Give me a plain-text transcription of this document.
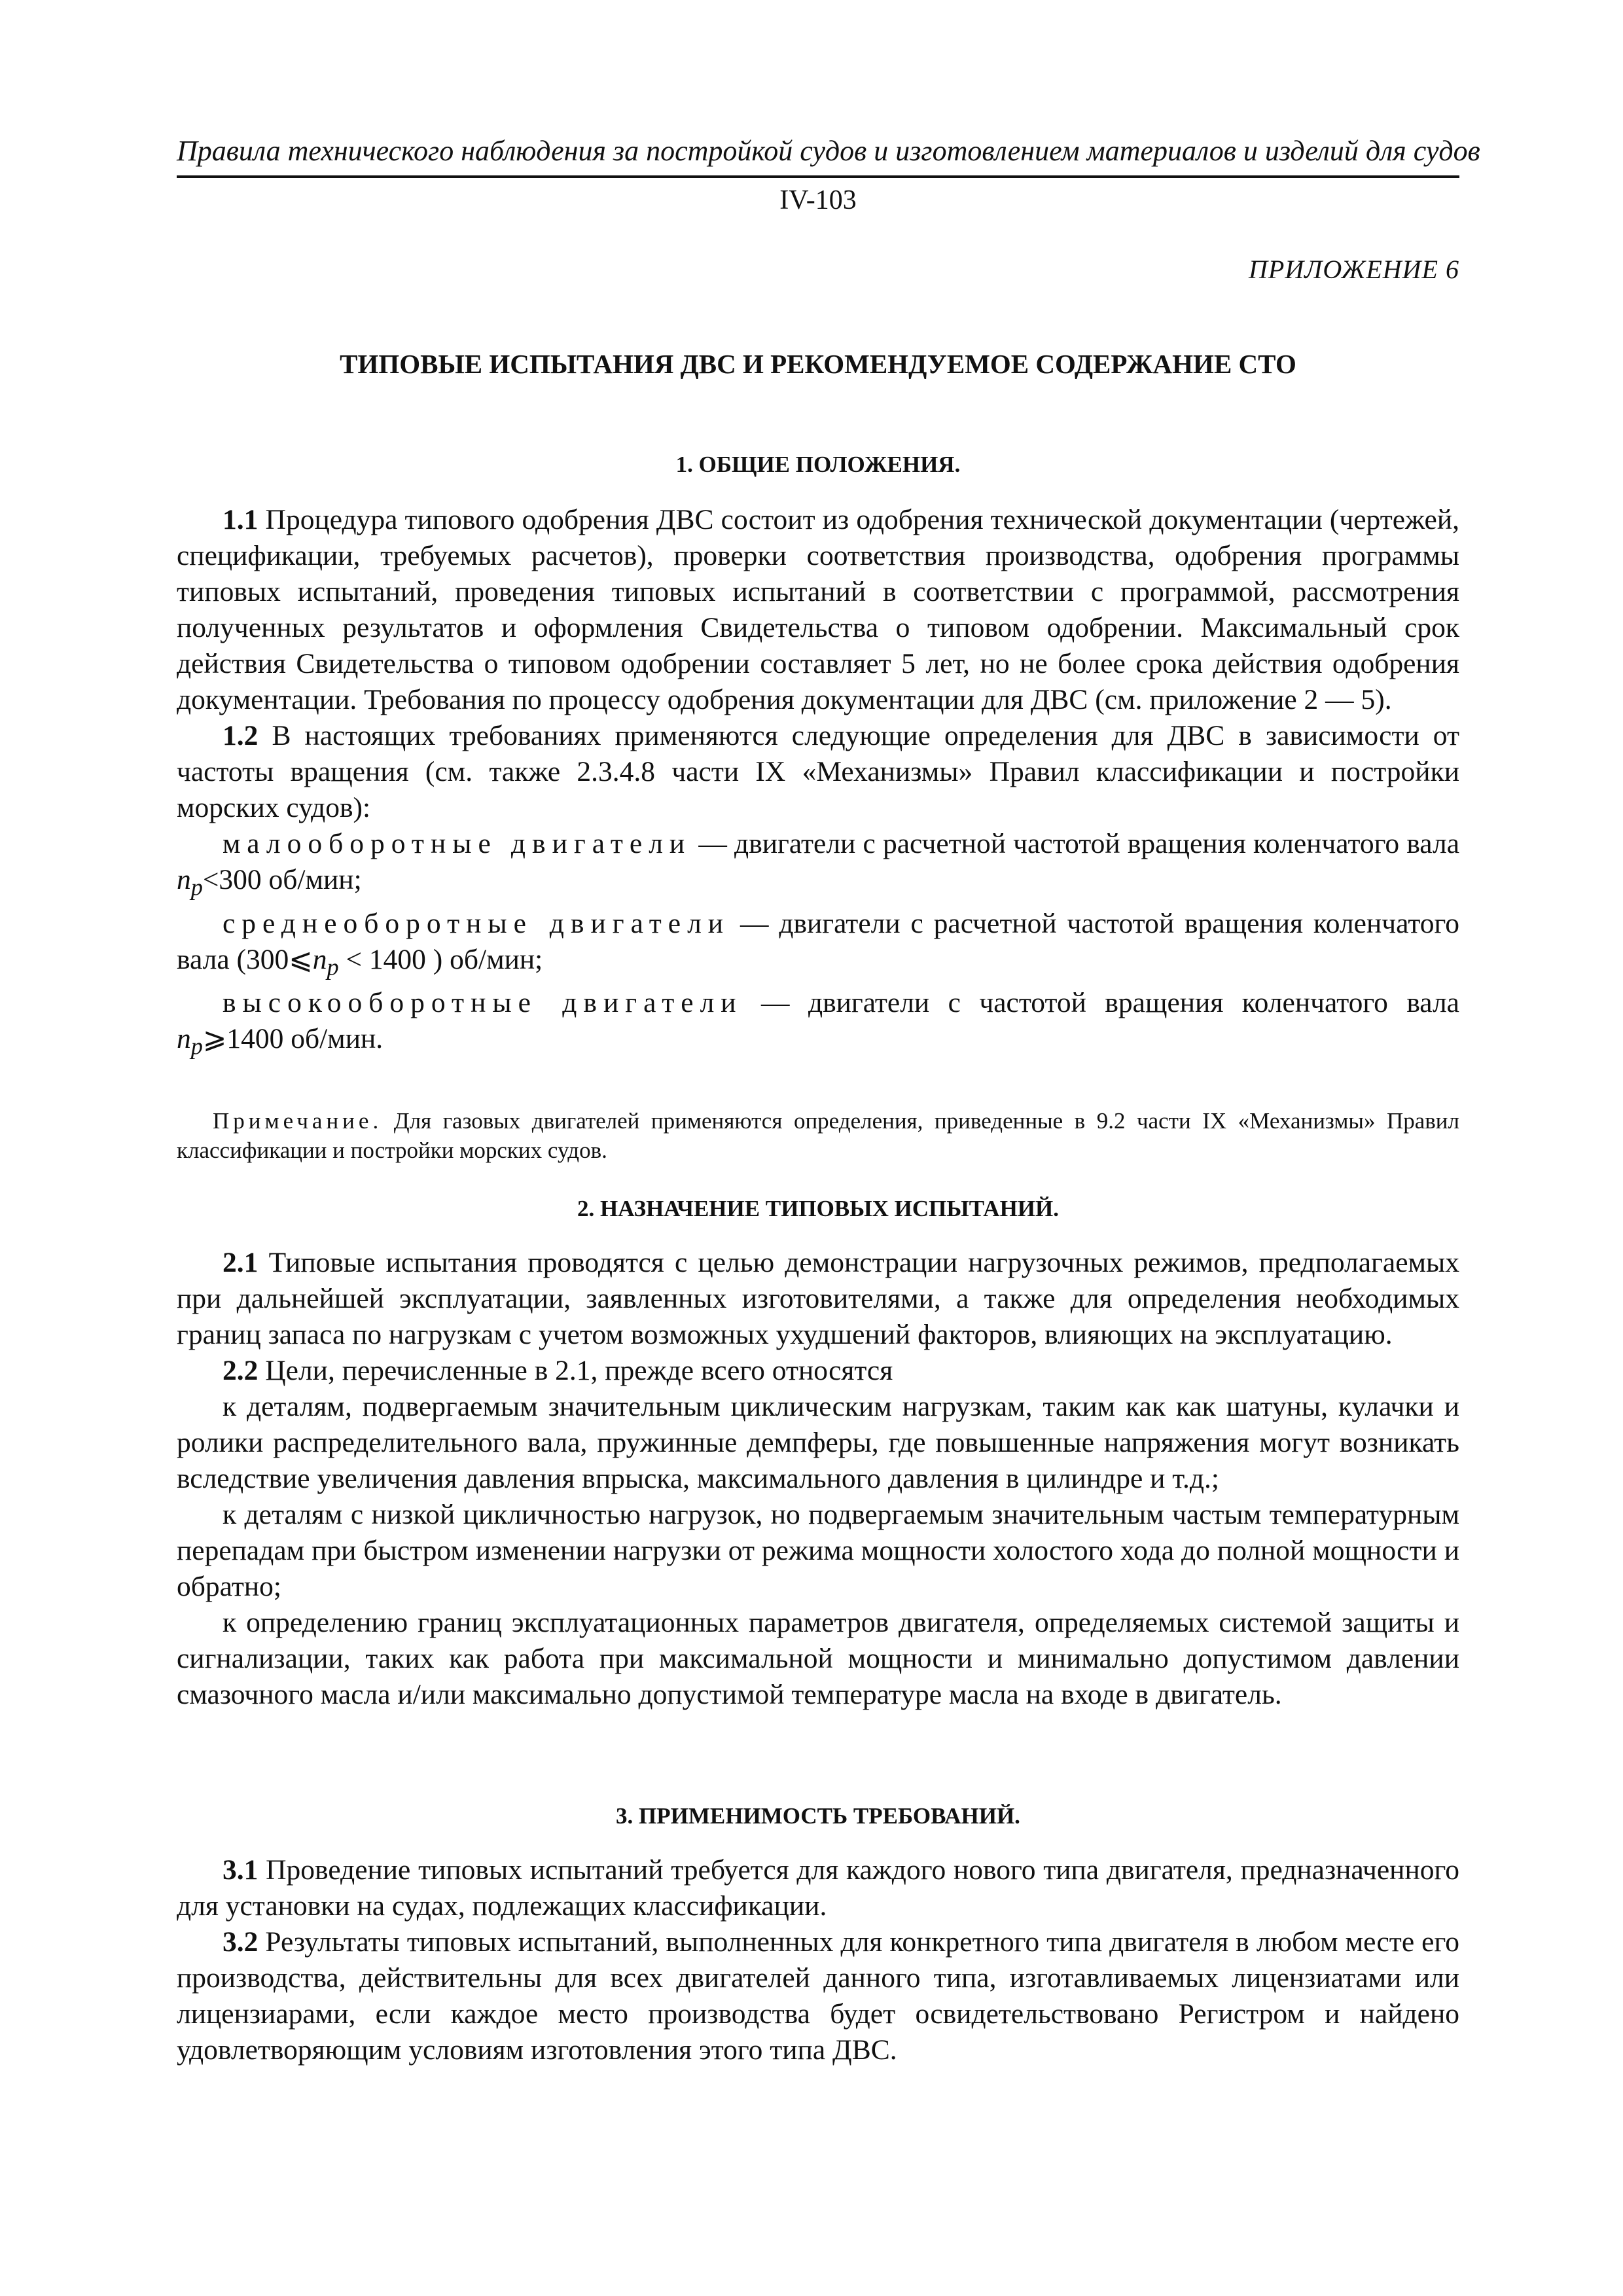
Правила технического наблюдения за постройкой судов и изготовлением материалов и изделий для судов
IV-103
ПРИЛОЖЕНИЕ 6
ТИПОВЫЕ ИСПЫТАНИЯ ДВС И РЕКОМЕНДУЕМОЕ СОДЕРЖАНИЕ СТО
1. ОБЩИЕ ПОЛОЖЕНИЯ.

1.1 Процедура типового одобрения ДВС состоит из одобрения технической документации (чертежей, спецификации, требуемых расчетов), проверки соответствия производства, одобрения программы типовых испытаний, проведения типовых испытаний в соответствии с программой, рассмотрения полученных результатов и оформления Свидетельства о типовом одобрении. Максимальный срок действия Свидетельства о типовом одобрении составляет 5 лет, но не более срока действия одобрения документации. Требования по процессу одобрения документации для ДВС (см. приложение 2 — 5).

1.2 В настоящих требованиях применяются следующие определения для ДВС в зависимости от частоты вращения (см. также 2.3.4.8 части IX «Механизмы» Правил классификации и постройки морских судов):

малооборотные двигатели — двигатели с расчетной частотой вращения коленчатого вала $n_p<300$ об/мин;

среднеоборотные двигатели — двигатели с расчетной частотой вращения коленчатого вала ($300⩽n_p < 1400$ ) об/мин;

высокооборотные двигатели — двигатели с частотой вращения коленчатого вала $n_p⩾1400$ об/мин.

Примечание. Для газовых двигателей применяются определения, приведенные в 9.2 части IX «Механизмы» Правил классификации и постройки морских судов.

2. НАЗНАЧЕНИЕ ТИПОВЫХ ИСПЫТАНИЙ.

2.1 Типовые испытания проводятся с целью демонстрации нагрузочных режимов, предполагаемых при дальнейшей эксплуатации, заявленных изготовителями, а также для определения необходимых границ запаса по нагрузкам с учетом возможных ухудшений факторов, влияющих на эксплуатацию.

2.2 Цели, перечисленные в 2.1, прежде всего относятся

к деталям, подвергаемым значительным циклическим нагрузкам, таким как как шатуны, кулачки и ролики распределительного вала, пружинные демпферы, где повышенные напряжения могут возникать вследствие увеличения давления впрыска, максимального давления в цилиндре и т.д.;

к деталям с низкой цикличностью нагрузок, но подвергаемым значительным частым температурным перепадам при быстром изменении нагрузки от режима мощности холостого хода до полной мощности и обратно;

к определению границ эксплуатационных параметров двигателя, определяемых системой защиты и сигнализации, таких как работа при максимальной мощности и минимально допустимом давлении смазочного масла и/или максимально допустимой температуре масла на входе в двигатель.

3. ПРИМЕНИМОСТЬ ТРЕБОВАНИЙ.

3.1 Проведение типовых испытаний требуется для каждого нового типа двигателя, предназначенного для установки на судах, подлежащих классификации.

3.2 Результаты типовых испытаний, выполненных для конкретного типа двигателя в любом месте его производства, действительны для всех двигателей данного типа, изготавливаемых лицензиатами или лицензиарами, если каждое место производства будет освидетельствовано Регистром и найдено удовлетворяющим условиям изготовления этого типа ДВС.
